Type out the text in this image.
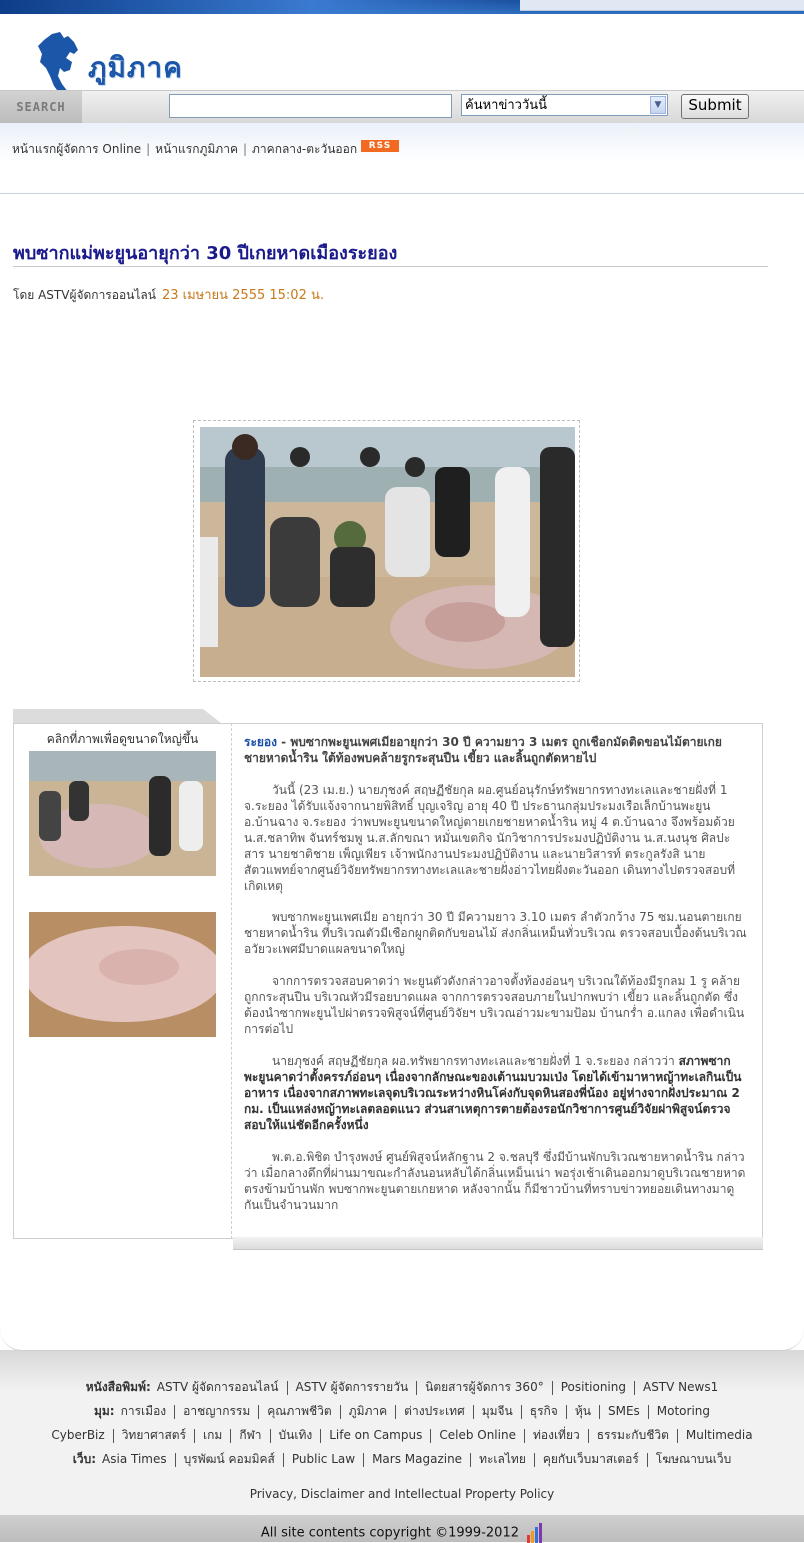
ภูมิภาค
SEARCH	ค้นหาข่าววันนี้	▼	Submit
หน้าแรกผู้จัดการ Online | หน้าแรกภูมิภาค | ภาคกลาง-ตะวันออก	RSS
พบซากแม่พะยูนอายุกว่า 30 ปีเกยหาดเมืองระยอง
โดย ASTVผู้จัดการออนไลน์ 23 เมษายน 2555 15:02 น.
คลิกที่ภาพเพื่อดูขนาดใหญ่ขึ้น	ระยอง - พบซากพะยูนเพศเมียอายุกว่า 30 ปี ความยาว 3 เมตร ถูกเชือกมัดติดขอนไม้ตายเกยชายหาดน้ำริน ใต้ท้องพบคล้ายรูกระสุนปืน เขี้ยว และลิ้นถูกตัดหายไป
วันนี้ (23 เม.ย.) นายภุชงค์ สฤษฏีชัยกุล ผอ.ศูนย์อนุรักษ์ทรัพยากรทางทะเลและชายฝั่งที่ 1 จ.ระยอง ได้รับแจ้งจากนายพิสิทธิ์ บุญเจริญ อายุ 40 ปี ประธานกลุ่มประมงเรือเล็กบ้านพะยูน อ.บ้านฉาง จ.ระยอง ว่าพบพะยูนขนาดใหญ่ตายเกยชายหาดน้ำริน หมู่ 4 ต.บ้านฉาง จึงพร้อมด้วย น.ส.ชลาทิพ จันทร์ชมพู น.ส.ลักขณา หมั่นเขตกิจ นักวิชาการประมงปฏิบัติงาน น.ส.นงนุช ศิลปะสาร นายชาติชาย เพ็ญเพียร เจ้าพนักงานประมงปฏิบัติงาน และนายวิสารท์ ตระกูลรังสิ นายสัตวแพทย์จากศูนย์วิจัยทรัพยากรทางทะเลและชายฝั่งอ่าวไทยฝั่งตะวันออก เดินทางไปตรวจสอบที่เกิดเหตุ
พบซากพะยูนเพศเมีย อายุกว่า 30 ปี มีความยาว 3.10 เมตร ลำตัวกว้าง 75 ซม.นอนตายเกยชายหาดน้ำริน ที่บริเวณตัวมีเชือกผูกติดกับขอนไม้ ส่งกลิ่นเหม็นทั่วบริเวณ ตรวจสอบเบื้องต้นบริเวณอวัยวะเพศมีบาดแผลขนาดใหญ่
จากการตรวจสอบคาดว่า พะยูนตัวดังกล่าวอาจตั้งท้องอ่อนๆ บริเวณใต้ท้องมีรูกลม 1 รู คล้ายถูกกระสุนปืน บริเวณหัวมีรอยบาดแผล จากการตรวจสอบภายในปากพบว่า เขี้ยว และลิ้นถูกตัด ซึ่งต้องนำซากพะยูนไปผ่าตรวจพิสูจน์ที่ศูนย์วิจัยฯ บริเวณอ่าวมะขามป้อม บ้านกร่ำ อ.แกลง เพื่อดำเนินการต่อไป
นายภุชงค์ สฤษฏีชัยกุล ผอ.ทรัพยากรทางทะเลและชายฝั่งที่ 1 จ.ระยอง กล่าวว่า สภาพซากพะยูนคาดว่าตั้งครรภ์อ่อนๆ เนื่องจากลักษณะของเต้านมบวมเป่ง โดยได้เข้ามาหาหญ้าทะเลกินเป็นอาหาร เนื่องจากสภาพทะเลจุดบริเวณระหว่างหินโค่งกับจุดหินสองพี่น้อง อยู่ห่างจากฝั่งประมาณ 2 กม. เป็นแหล่งหญ้าทะเลตลอดแนว ส่วนสาเหตุการตายต้องรอนักวิชาการศูนย์วิจัยผ่าพิสูจน์ตรวจสอบให้แน่ชัดอีกครั้งหนึ่ง
พ.ต.อ.พิชิต บำรุงพงษ์ ศูนย์พิสูจน์หลักฐาน 2 จ.ชลบุรี ซึ่งมีบ้านพักบริเวณชายหาดน้ำริน กล่าวว่า เมื่อกลางดึกที่ผ่านมาขณะกำลังนอนหลับได้กลิ่นเหม็นเน่า พอรุ่งเช้าเดินออกมาดูบริเวณชายหาดตรงข้ามบ้านพัก พบซากพะยูนตายเกยหาด หลังจากนั้น ก็มีชาวบ้านที่ทราบข่าวทยอยเดินทางมาดูกันเป็นจำนวนมาก
หนังสือพิมพ์: ASTV ผู้จัดการออนไลน์ ASTV ผู้จัดการรายวัน นิตยสารผู้จัดการ 360° Positioning ASTV News1
มุม: การเมือง อาชญากรรม คุณภาพชีวิต ภูมิภาค ต่างประเทศ มุมจีน ธุรกิจ หุ้น SMEs Motoring
CyberBiz วิทยาศาสตร์ เกม กีฬา บันเทิง Life on Campus Celeb Online ท่องเที่ยว ธรรมะกับชีวิต Multimedia
เว็บ: Asia Times บุรพัฒน์ คอมมิคส์ Public Law Mars Magazine ทะเลไทย คุยกับเว็บมาสเตอร์ โฆษณาบนเว็บ
Privacy, Disclaimer and Intellectual Property Policy
All site contents copyright ©1999-2012
